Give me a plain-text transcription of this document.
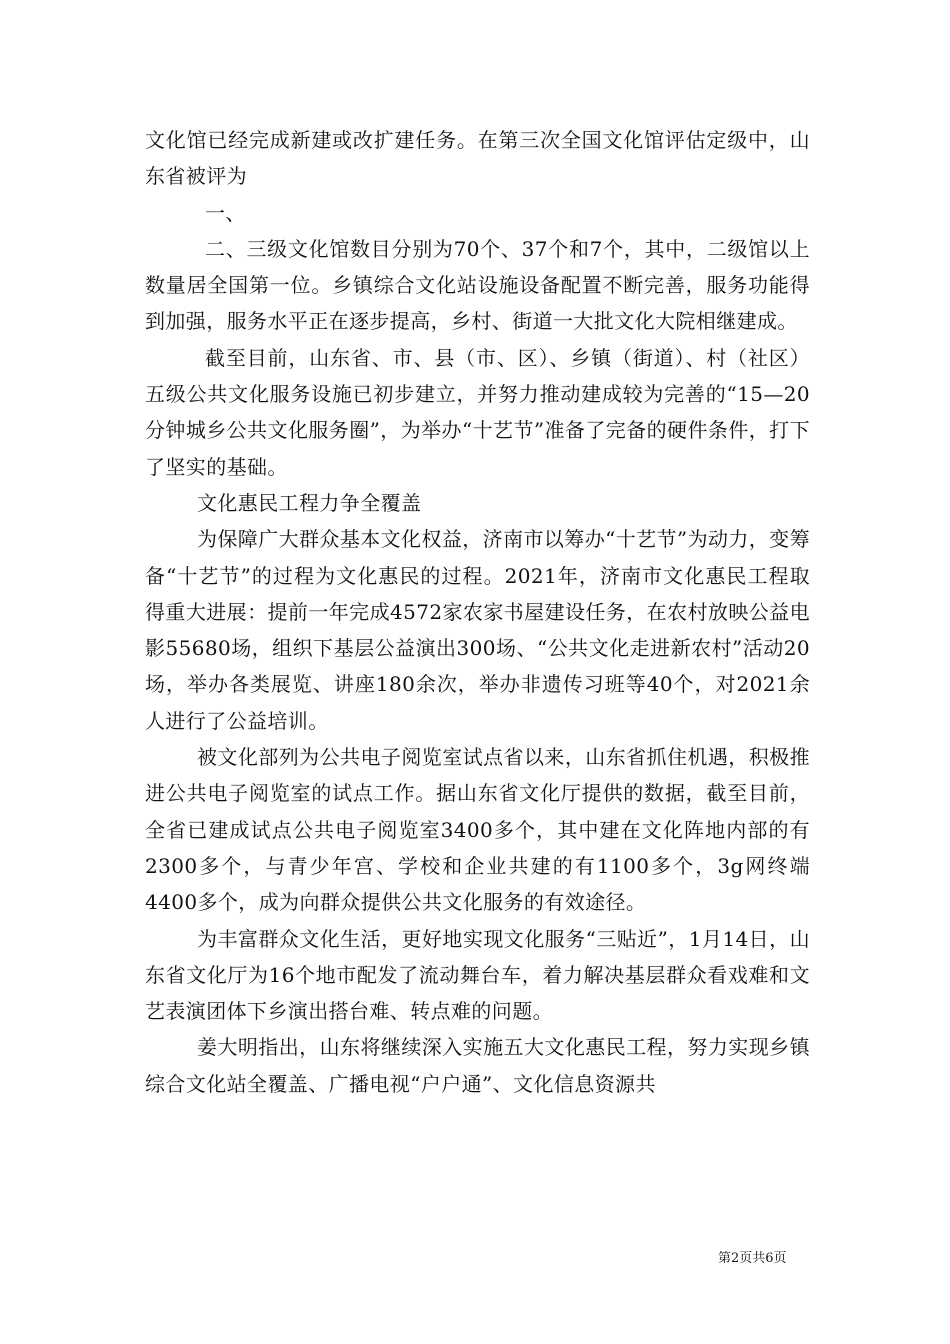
文化馆已经完成新建或改扩建任务。在第三次全国文化馆评估定级中，山东省被评为

一、

二、三级文化馆数目分别为70个、37个和7个，其中，二级馆以上数量居全国第一位。乡镇综合文化站设施设备配置不断完善，服务功能得到加强，服务水平正在逐步提高，乡村、街道一大批文化大院相继建成。

截至目前，山东省、市、县（市、区）、乡镇（街道）、村（社区）五级公共文化服务设施已初步建立，并努力推动建成较为完善的“15—20分钟城乡公共文化服务圈”，为举办“十艺节”准备了完备的硬件条件，打下了坚实的基础。

文化惠民工程力争全覆盖

为保障广大群众基本文化权益，济南市以筹办“十艺节”为动力，变筹备“十艺节”的过程为文化惠民的过程。2021年，济南市文化惠民工程取得重大进展：提前一年完成4572家农家书屋建设任务，在农村放映公益电影55680场，组织下基层公益演出300场、“公共文化走进新农村”活动20场，举办各类展览、讲座180余次，举办非遗传习班等40个，对2021余人进行了公益培训。

被文化部列为公共电子阅览室试点省以来，山东省抓住机遇，积极推进公共电子阅览室的试点工作。据山东省文化厅提供的数据，截至目前，全省已建成试点公共电子阅览室3400多个，其中建在文化阵地内部的有2300多个，与青少年宫、学校和企业共建的有1100多个，3g网终端4400多个，成为向群众提供公共文化服务的有效途径。

为丰富群众文化生活，更好地实现文化服务“三贴近”，1月14日，山东省文化厅为16个地市配发了流动舞台车，着力解决基层群众看戏难和文艺表演团体下乡演出搭台难、转点难的问题。

姜大明指出，山东将继续深入实施五大文化惠民工程，努力实现乡镇综合文化站全覆盖、广播电视“户户通”、文化信息资源共

第2页共6页
